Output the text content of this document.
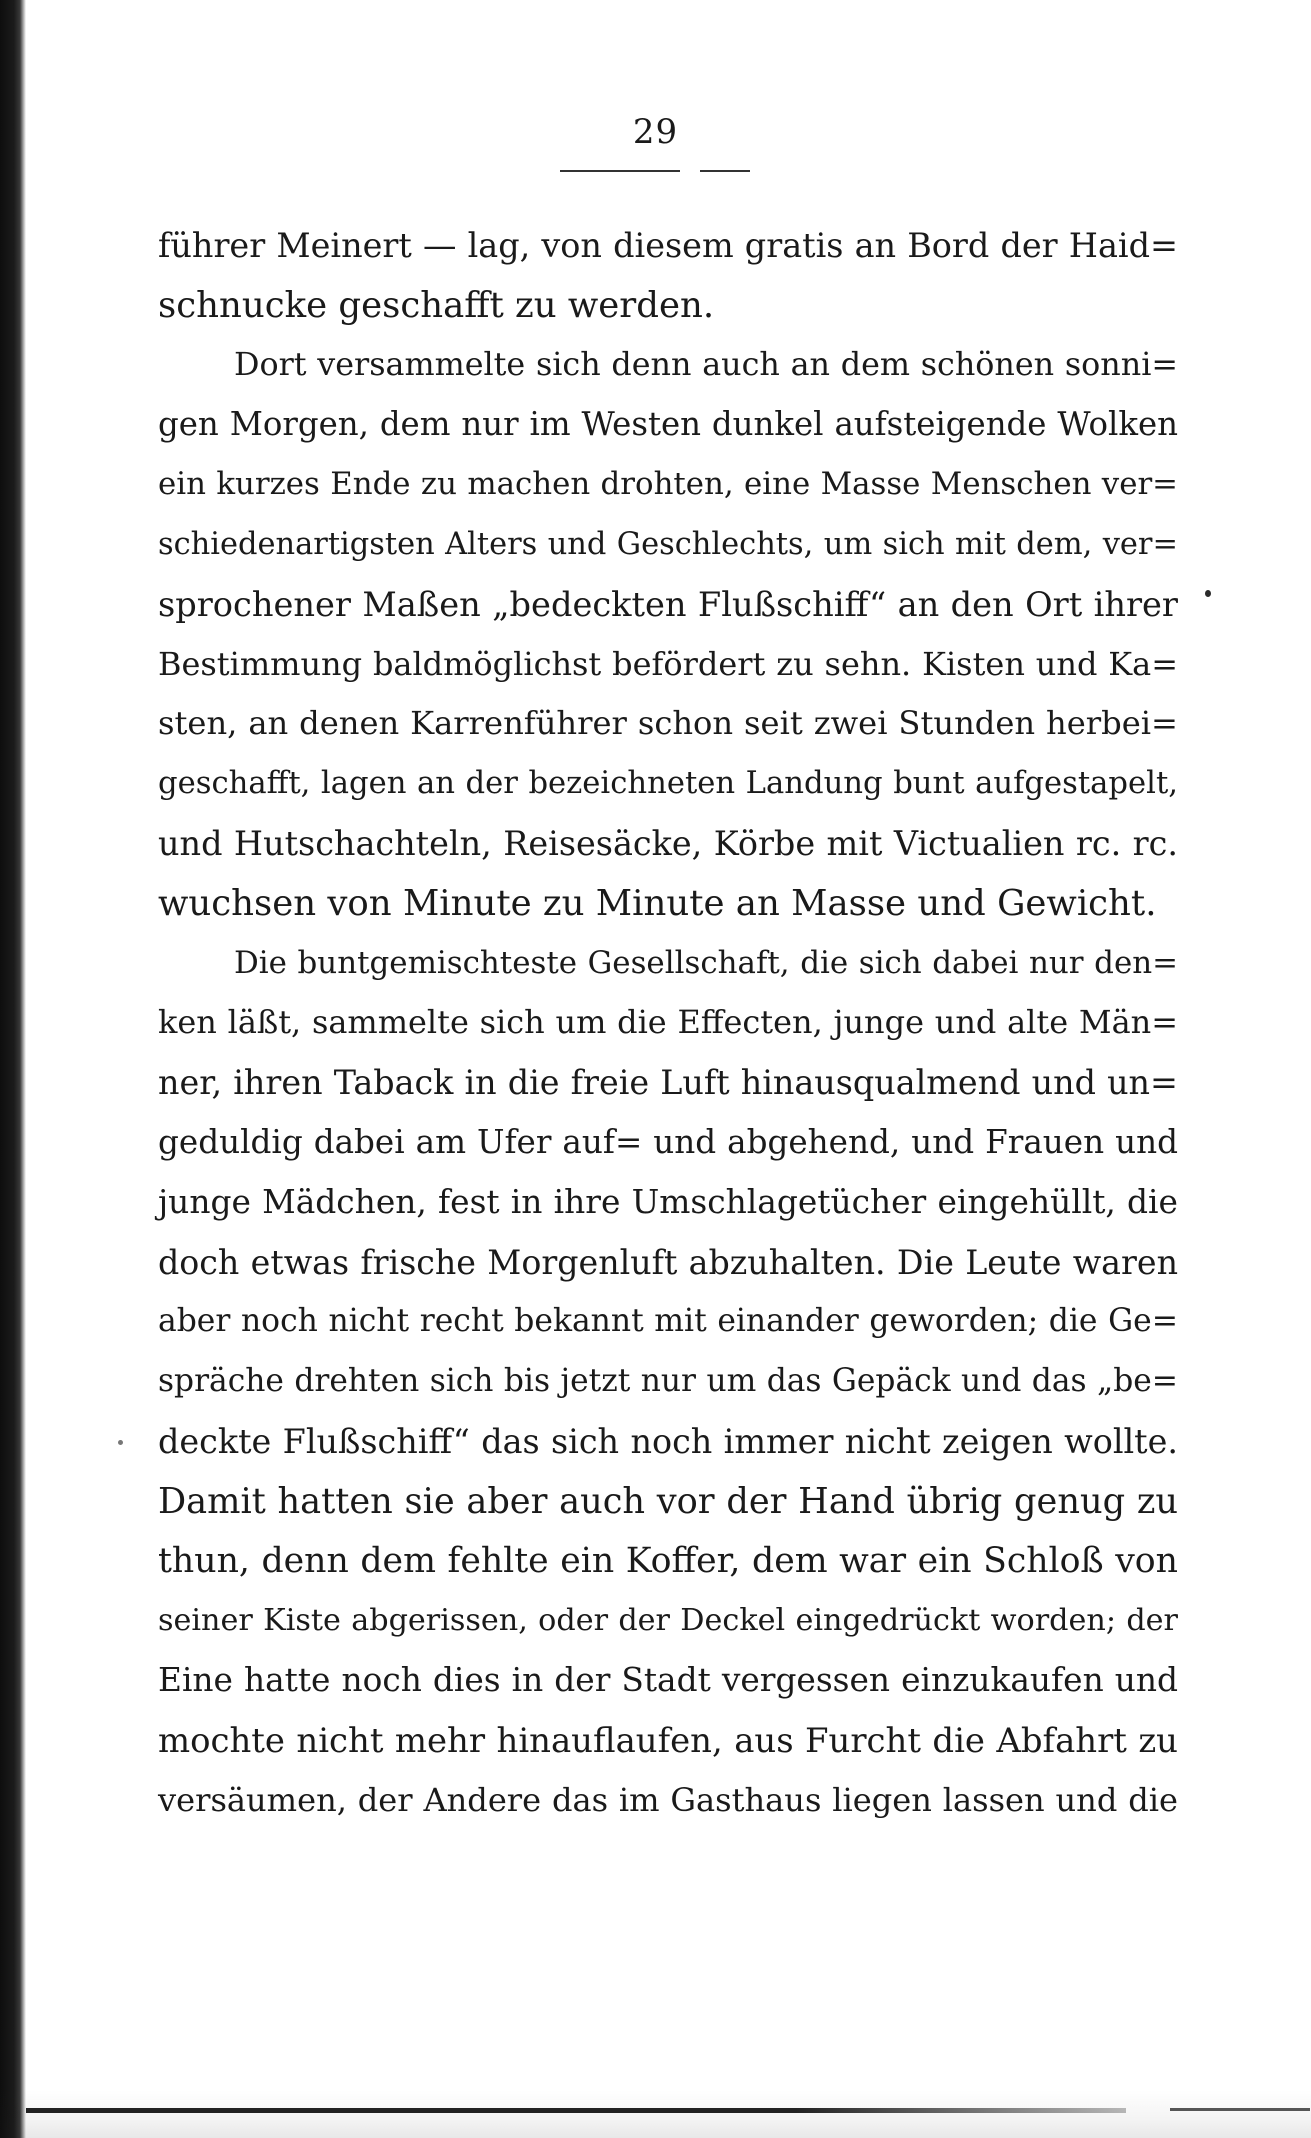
29
führer Meinert — lag, von diesem gratis an Bord der Haid=
schnucke geschafft zu werden.
Dort versammelte sich denn auch an dem schönen sonni=
gen Morgen, dem nur im Westen dunkel aufsteigende Wolken
ein kurzes Ende zu machen drohten, eine Masse Menschen ver=
schiedenartigsten Alters und Geschlechts, um sich mit dem, ver=
sprochener Maßen „bedeckten Flußschiff“ an den Ort ihrer
Bestimmung baldmöglichst befördert zu sehn. Kisten und Ka=
sten, an denen Karrenführer schon seit zwei Stunden herbei=
geschafft, lagen an der bezeichneten Landung bunt aufgestapelt,
und Hutschachteln, Reisesäcke, Körbe mit Victualien rc. rc.
wuchsen von Minute zu Minute an Masse und Gewicht.
Die buntgemischteste Gesellschaft, die sich dabei nur den=
ken läßt, sammelte sich um die Effecten, junge und alte Män=
ner, ihren Taback in die freie Luft hinausqualmend und un=
geduldig dabei am Ufer auf= und abgehend, und Frauen und
junge Mädchen, fest in ihre Umschlagetücher eingehüllt, die
doch etwas frische Morgenluft abzuhalten. Die Leute waren
aber noch nicht recht bekannt mit einander geworden; die Ge=
spräche drehten sich bis jetzt nur um das Gepäck und das „be=
deckte Flußschiff“ das sich noch immer nicht zeigen wollte.
Damit hatten sie aber auch vor der Hand übrig genug zu
thun, denn dem fehlte ein Koffer, dem war ein Schloß von
seiner Kiste abgerissen, oder der Deckel eingedrückt worden; der
Eine hatte noch dies in der Stadt vergessen einzukaufen und
mochte nicht mehr hinauflaufen, aus Furcht die Abfahrt zu
versäumen, der Andere das im Gasthaus liegen lassen und die
